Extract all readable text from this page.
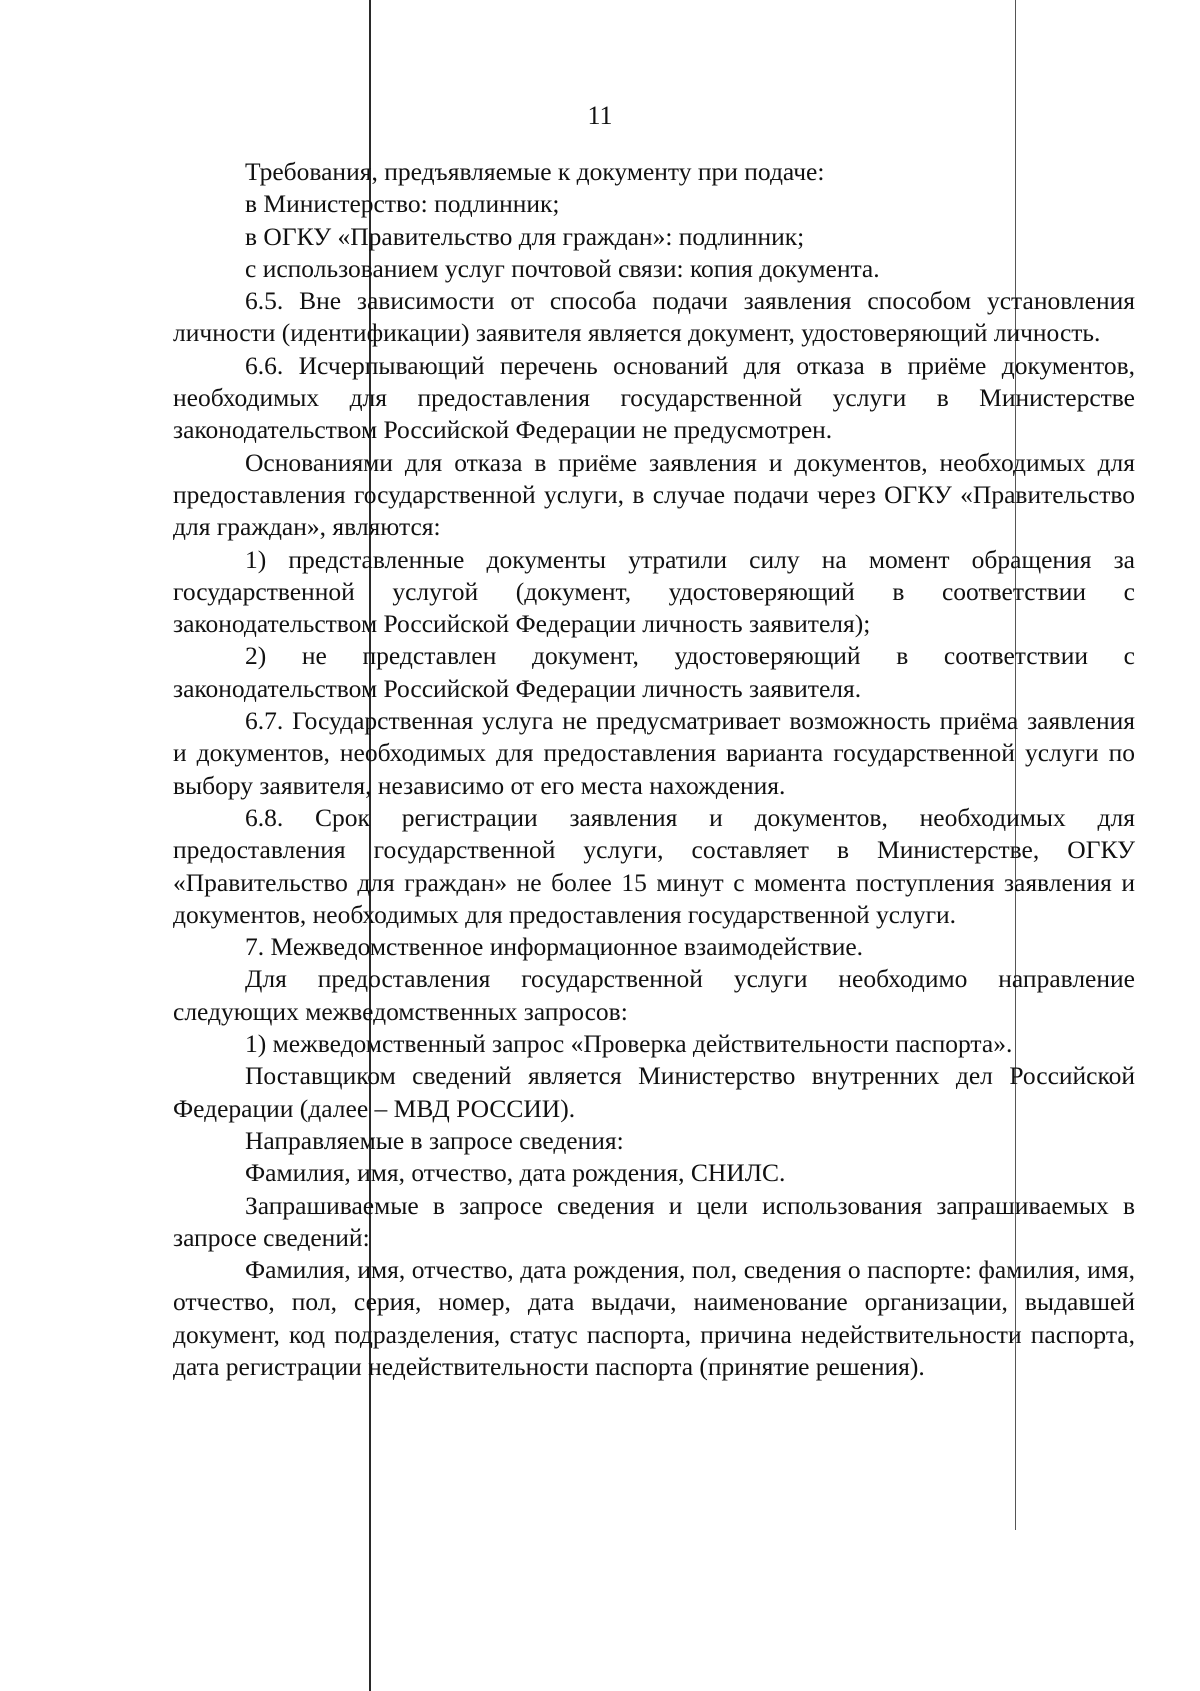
11

Требования, предъявляемые к документу при подаче:

в Министерство: подлинник;

в ОГКУ «Правительство для граждан»: подлинник;

с использованием услуг почтовой связи: копия документа.

6.5. Вне зависимости от способа подачи заявления способом установления личности (идентификации) заявителя является документ, удостоверяющий личность.

6.6. Исчерпывающий перечень оснований для отказа в приёме документов, необходимых для предоставления государственной услуги в Министерстве законодательством Российской Федерации не предусмотрен.

Основаниями для отказа в приёме заявления и документов, необходимых для предоставления государственной услуги, в случае подачи через ОГКУ «Правительство для граждан», являются:

1) представленные документы утратили силу на момент обращения за государственной услугой (документ, удостоверяющий в соответствии с законодательством Российской Федерации личность заявителя);

2) не представлен документ, удостоверяющий в соответствии с законодательством Российской Федерации личность заявителя.

6.7. Государственная услуга не предусматривает возможность приёма заявления и документов, необходимых для предоставления варианта государственной услуги по выбору заявителя, независимо от его места нахождения.

6.8. Срок регистрации заявления и документов, необходимых для предоставления государственной услуги, составляет в Министерстве, ОГКУ «Правительство для граждан» не более 15 минут с момента поступления заявления и документов, необходимых для предоставления государственной услуги.

7. Межведомственное информационное взаимодействие.

Для предоставления государственной услуги необходимо направление следующих межведомственных запросов:

1) межведомственный запрос «Проверка действительности паспорта».

Поставщиком сведений является Министерство внутренних дел Российской Федерации (далее – МВД РОССИИ).

Направляемые в запросе сведения:

Фамилия, имя, отчество, дата рождения, СНИЛС.

Запрашиваемые в запросе сведения и цели использования запрашиваемых в запросе сведений:

Фамилия, имя, отчество, дата рождения, пол, сведения о паспорте: фамилия, имя, отчество, пол, серия, номер, дата выдачи, наименование организации, выдавшей документ, код подразделения, статус паспорта, причина недействительности паспорта, дата регистрации недействительности паспорта (принятие решения).
